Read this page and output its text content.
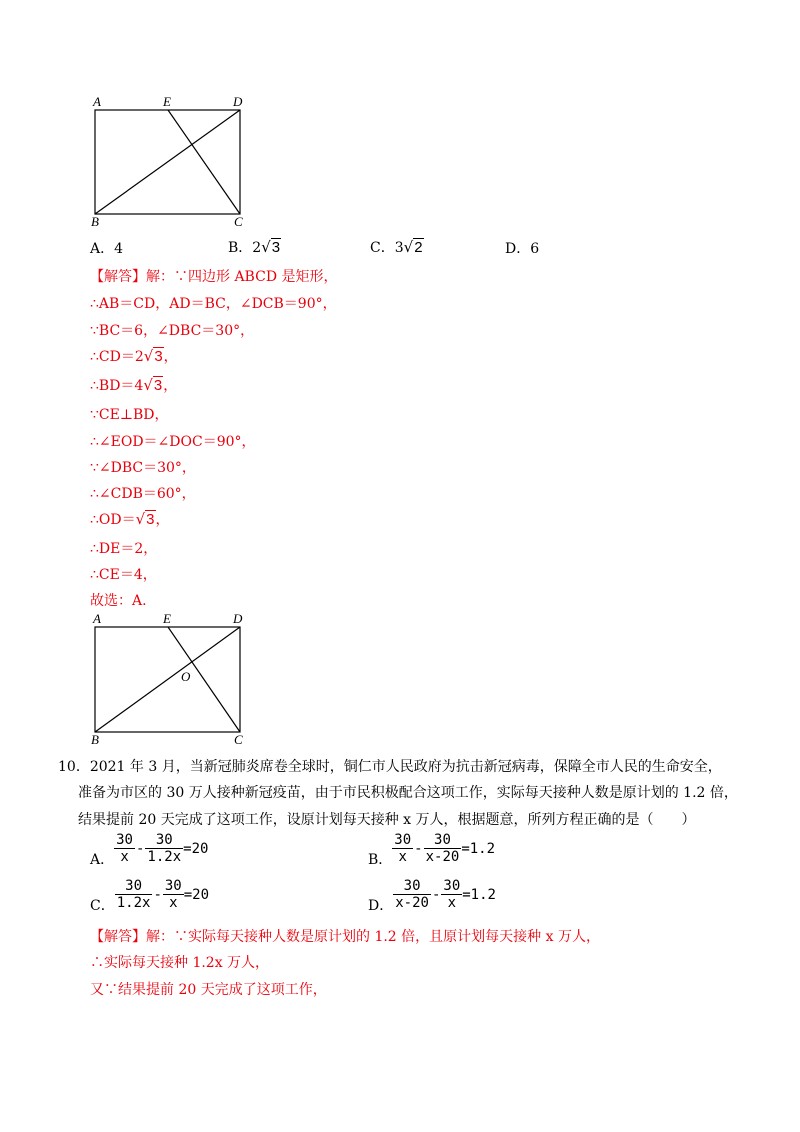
A	E	D
B	C
A．4	B．2√3	C．3√2	D．6
【解答】解：∵四边形 ABCD 是矩形，
∴AB＝CD，AD＝BC，∠DCB＝90°，
∵BC＝6，∠DBC＝30°，
∴CD＝2√3，
∴BD＝4√3，
∵CE⊥BD，
∴∠EOD＝∠DOC＝90°，
∵∠DBC＝30°，
∴∠CDB＝60°，
∴OD＝√3，
∴DE＝2，
∴CE＝4，
故选：A.
A	E	D
O
B	C
10．2021 年 3 月，当新冠肺炎席卷全球时，铜仁市人民政府为抗击新冠病毒，保障全市人民的生命安全，
准备为市区的 30 万人接种新冠疫苗，由于市民积极配合这项工作，实际每天接种人数是原计划的 1.2 倍，
结果提前 20 天完成了这项工作，设原计划每天接种 x 万人，根据题意，所列方程正确的是（　　）
A． $\frac{30}{x} - \frac{30}{1.2x} =20$
B． $\frac{30}{x} - \frac{30}{x-20} =1.2$
C． $\frac{30}{1.2x} - \frac{30}{x} =20$
D． $\frac{30}{x-20} - \frac{30}{x} =1.2$
【解答】解：∵实际每天接种人数是原计划的 1.2 倍，且原计划每天接种 x 万人，
∴实际每天接种 1.2x 万人，
又∵结果提前 20 天完成了这项工作，
